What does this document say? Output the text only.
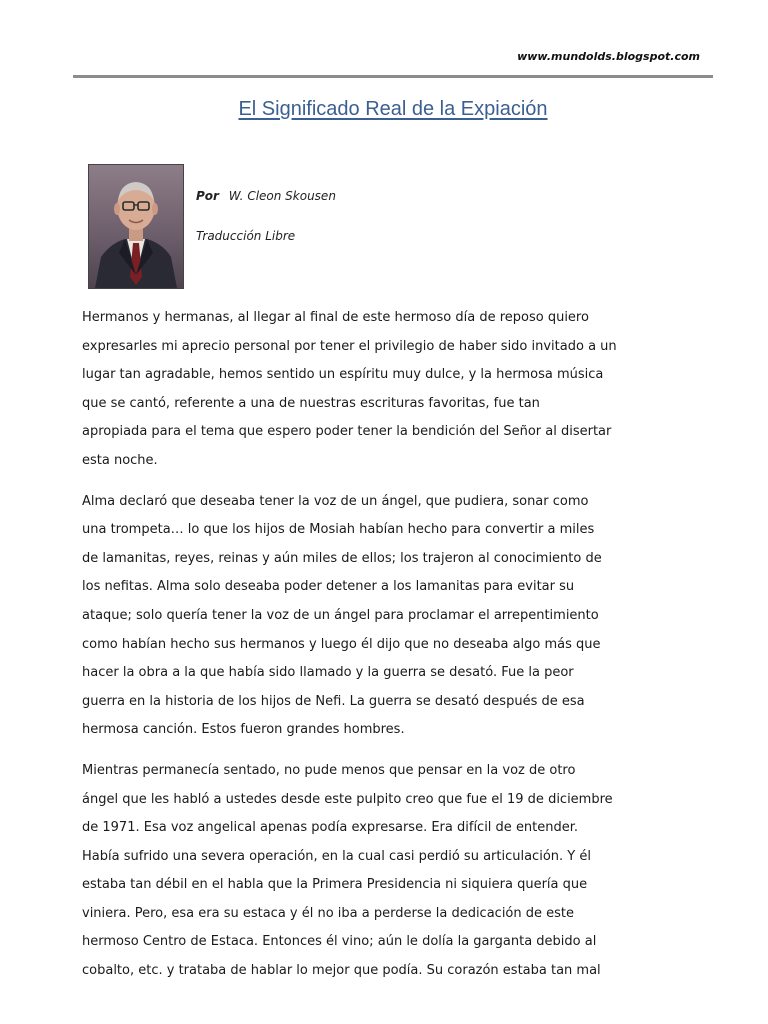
www.mundolds.blogspot.com
El Significado Real de la Expiación
Por W. Cleon Skousen
Traducción Libre

Hermanos y hermanas, al llegar al final de este hermoso día de reposo quiero
expresarles mi aprecio personal por tener el privilegio de haber sido invitado a un
lugar tan agradable, hemos sentido un espíritu muy dulce, y la hermosa música
que se cantó, referente a una de nuestras escrituras favoritas, fue tan
apropiada para el tema que espero poder tener la bendición del Señor al disertar
esta noche.

Alma declaró que deseaba tener la voz de un ángel, que pudiera, sonar como
una trompeta… lo que los hijos de Mosiah habían hecho para convertir a miles
de lamanitas, reyes, reinas y aún miles de ellos; los trajeron al conocimiento de
los nefitas. Alma solo deseaba poder detener a los lamanitas para evitar su
ataque; solo quería tener la voz de un ángel para proclamar el arrepentimiento
como habían hecho sus hermanos y luego él dijo que no deseaba algo más que
hacer la obra a la que había sido llamado y la guerra se desató. Fue la peor
guerra en la historia de los hijos de Nefi. La guerra se desató después de esa
hermosa canción. Estos fueron grandes hombres.

Mientras permanecía sentado, no pude menos que pensar en la voz de otro
ángel que les habló a ustedes desde este pulpito creo que fue el 19 de diciembre
de 1971. Esa voz angelical apenas podía expresarse. Era difícil de entender.
Había sufrido una severa operación, en la cual casi perdió su articulación. Y él
estaba tan débil en el habla que la Primera Presidencia ni siquiera quería que
viniera. Pero, esa era su estaca y él no iba a perderse la dedicación de este
hermoso Centro de Estaca. Entonces él vino; aún le dolía la garganta debido al
cobalto, etc. y trataba de hablar lo mejor que podía. Su corazón estaba tan mal
